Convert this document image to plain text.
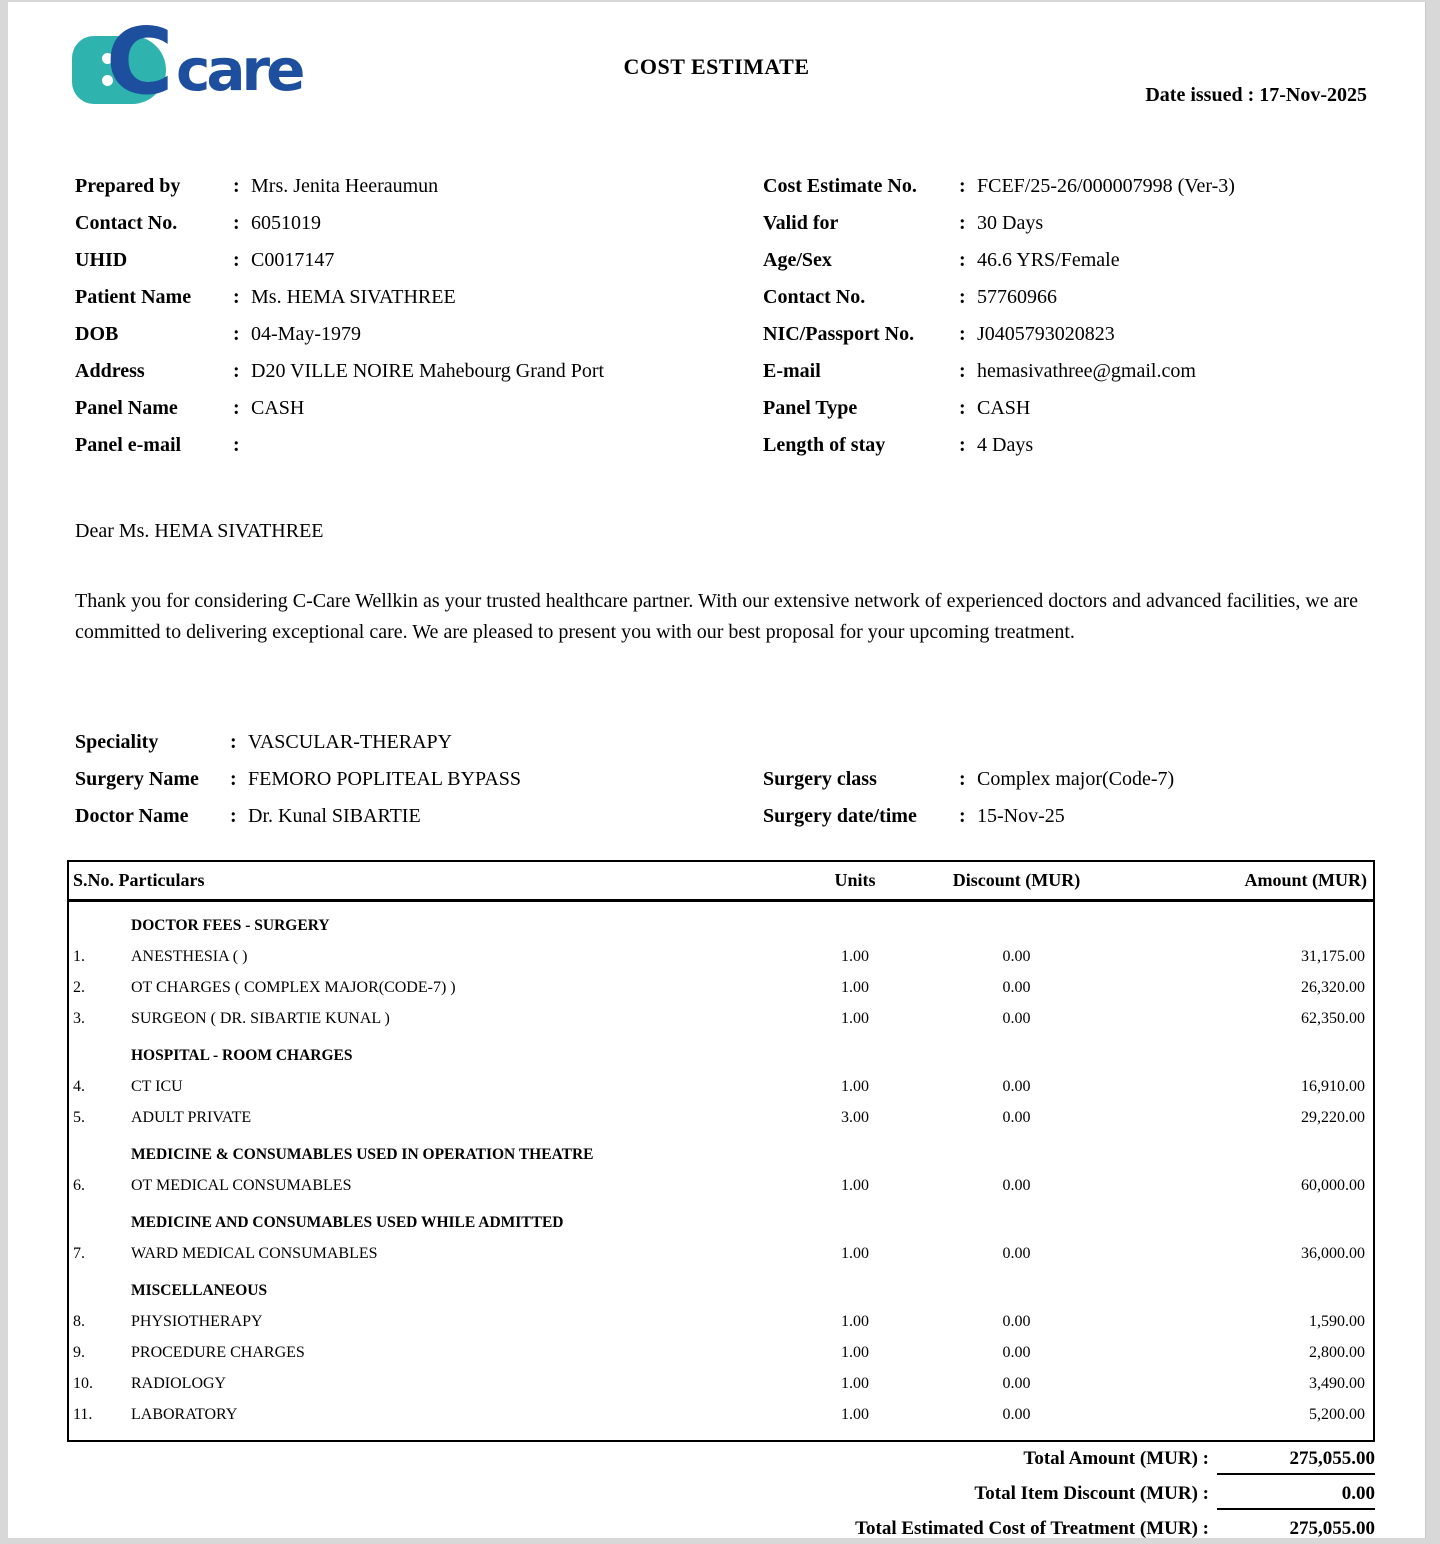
C care	COST ESTIMATE
Date issued : 17-Nov-2025
Prepared by	: Mrs. Jenita Heeraumun
Contact No.	: 6051019
UHID	: C0017147
Patient Name	: Ms. HEMA SIVATHREE
DOB	: 04-May-1979
Address	: D20 VILLE NOIRE Mahebourg Grand Port
Panel Name	: CASH
Panel e-mail	:
Cost Estimate No.	: FCEF/25-26/000007998 (Ver-3)
Valid for	: 30 Days
Age/Sex	: 46.6 YRS/Female
Contact No.	: 57760966
NIC/Passport No.	: J0405793020823
E-mail	: hemasivathree@gmail.com
Panel Type	: CASH
Length of stay	: 4 Days
Dear Ms. HEMA SIVATHREE
Thank you for considering C-Care Wellkin as your trusted healthcare partner. With our extensive network of experienced doctors and advanced facilities, we are committed to delivering exceptional care. We are pleased to present you with our best proposal for your upcoming treatment.
Speciality	: VASCULAR-THERAPY
Surgery Name	: FEMORO POPLITEAL BYPASS
Doctor Name	: Dr. Kunal SIBARTIE
Surgery class	: Complex major(Code-7)
Surgery date/time	: 15-Nov-25
S.No. Particulars	Units	Discount (MUR)	Amount (MUR)
DOCTOR FEES - SURGERY
1.	ANESTHESIA ( )	1.00	0.00	31,175.00
2.	OT CHARGES ( COMPLEX MAJOR(CODE-7) )	1.00	0.00	26,320.00
3.	SURGEON ( DR. SIBARTIE KUNAL )	1.00	0.00	62,350.00
HOSPITAL - ROOM CHARGES
4.	CT ICU	1.00	0.00	16,910.00
5.	ADULT PRIVATE	3.00	0.00	29,220.00
MEDICINE & CONSUMABLES USED IN OPERATION THEATRE
6.	OT MEDICAL CONSUMABLES	1.00	0.00	60,000.00
MEDICINE AND CONSUMABLES USED WHILE ADMITTED
7.	WARD MEDICAL CONSUMABLES	1.00	0.00	36,000.00
MISCELLANEOUS
8.	PHYSIOTHERAPY	1.00	0.00	1,590.00
9.	PROCEDURE CHARGES	1.00	0.00	2,800.00
10.	RADIOLOGY	1.00	0.00	3,490.00
11.	LABORATORY	1.00	0.00	5,200.00
Total Amount (MUR) :	275,055.00
Total Item Discount (MUR) :	0.00
Total Estimated Cost of Treatment (MUR) :	275,055.00
